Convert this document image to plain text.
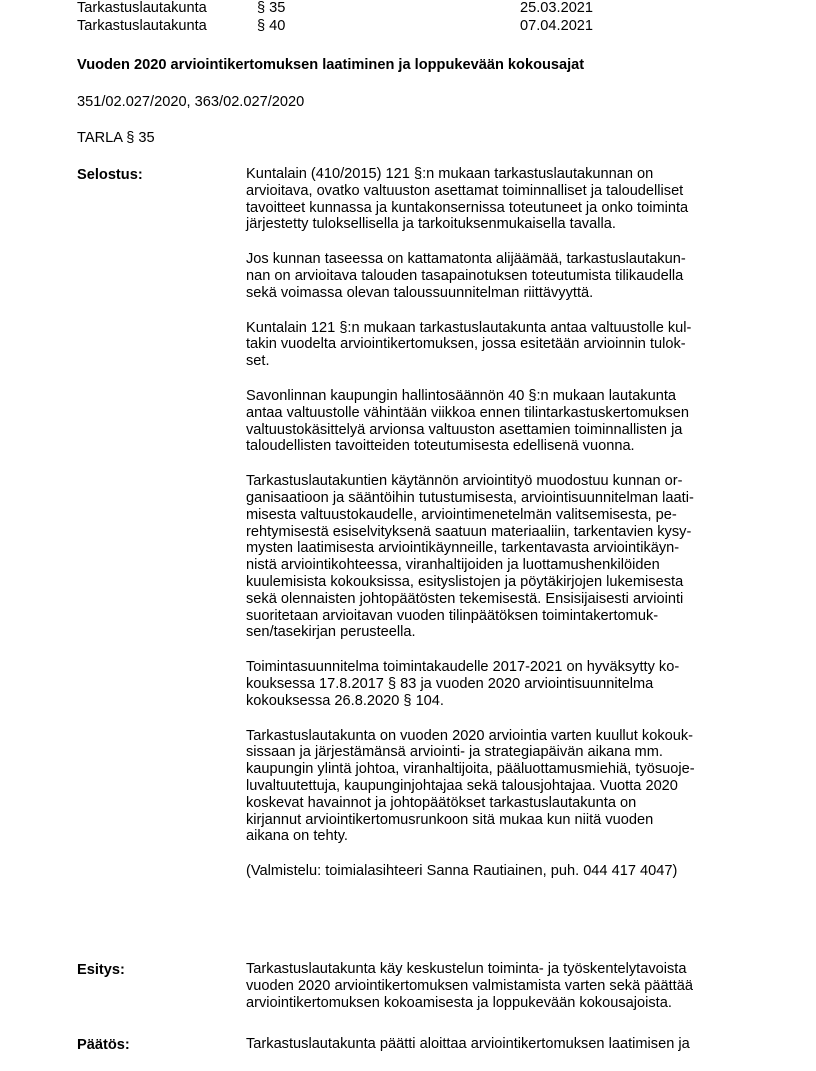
Tarkastuslautakunta	§ 35	25.03.2021
Tarkastuslautakunta	§ 40	07.04.2021
Vuoden 2020 arviointikertomuksen laatiminen ja loppukevään kokousajat
351/02.027/2020, 363/02.027/2020
TARLA § 35
Selostus:	Kuntalain (410/2015) 121 §:n mukaan tarkastuslautakunnan on
arvioitava, ovatko valtuuston asettamat toiminnalliset ja taloudelliset
tavoitteet kunnassa ja kuntakonsernissa toteutuneet ja onko toiminta
järjestetty tuloksellisella ja tarkoituksenmukaisella tavalla.
Jos kunnan taseessa on kattamatonta alijäämää, tarkastuslautakun-
nan on arvioitava talouden tasapainotuksen toteutumista tilikaudella
sekä voimassa olevan taloussuunnitelman riittävyyttä.
Kuntalain 121 §:n mukaan tarkastuslautakunta antaa valtuustolle kul-
takin vuodelta arviointikertomuksen, jossa esitetään arvioinnin tulok-
set.
Savonlinnan kaupungin hallintosäännön 40 §:n mukaan lautakunta
antaa valtuustolle vähintään viikkoa ennen tilintarkastuskertomuksen
valtuustokäsittelyä arvionsa valtuuston asettamien toiminnallisten ja
taloudellisten tavoitteiden toteutumisesta edellisenä vuonna.
Tarkastuslautakuntien käytännön arviointityö muodostuu kunnan or-
ganisaatioon ja sääntöihin tutustumisesta, arviointisuunnitelman laati-
misesta valtuustokaudelle, arviointimenetelmän valitsemisesta, pe-
rehtymisestä esiselvityksenä saatuun materiaaliin, tarkentavien kysy-
mysten laatimisesta arviointikäynneille, tarkentavasta arviointikäyn-
nistä arviointikohteessa, viranhaltijoiden ja luottamushenkilöiden
kuulemisista kokouksissa, esityslistojen ja pöytäkirjojen lukemisesta
sekä olennaisten johtopäätösten tekemisestä. Ensisijaisesti arviointi
suoritetaan arvioitavan vuoden tilinpäätöksen toimintakertomuk-
sen/tasekirjan perusteella.
Toimintasuunnitelma toimintakaudelle 2017-2021 on hyväksytty ko-
kouksessa 17.8.2017 § 83 ja vuoden 2020 arviointisuunnitelma
kokouksessa 26.8.2020 § 104.
Tarkastuslautakunta on vuoden 2020 arviointia varten kuullut kokouk-
sissaan ja järjestämänsä arviointi- ja strategiapäivän aikana mm.
kaupungin ylintä johtoa, viranhaltijoita, pääluottamusmiehiä, työsuoje-
luvaltuutettuja, kaupunginjohtajaa sekä talousjohtajaa. Vuotta 2020
koskevat havainnot ja johtopäätökset tarkastuslautakunta on
kirjannut arviointikertomusrunkoon sitä mukaa kun niitä vuoden
aikana on tehty.
(Valmistelu: toimialasihteeri Sanna Rautiainen, puh. 044 417 4047)
Esitys:	Tarkastuslautakunta käy keskustelun toiminta- ja työskentelytavoista
vuoden 2020 arviointikertomuksen valmistamista varten sekä päättää
arviointikertomuksen kokoamisesta ja loppukevään kokousajoista.
Päätös:	Tarkastuslautakunta päätti aloittaa arviointikertomuksen laatimisen ja
